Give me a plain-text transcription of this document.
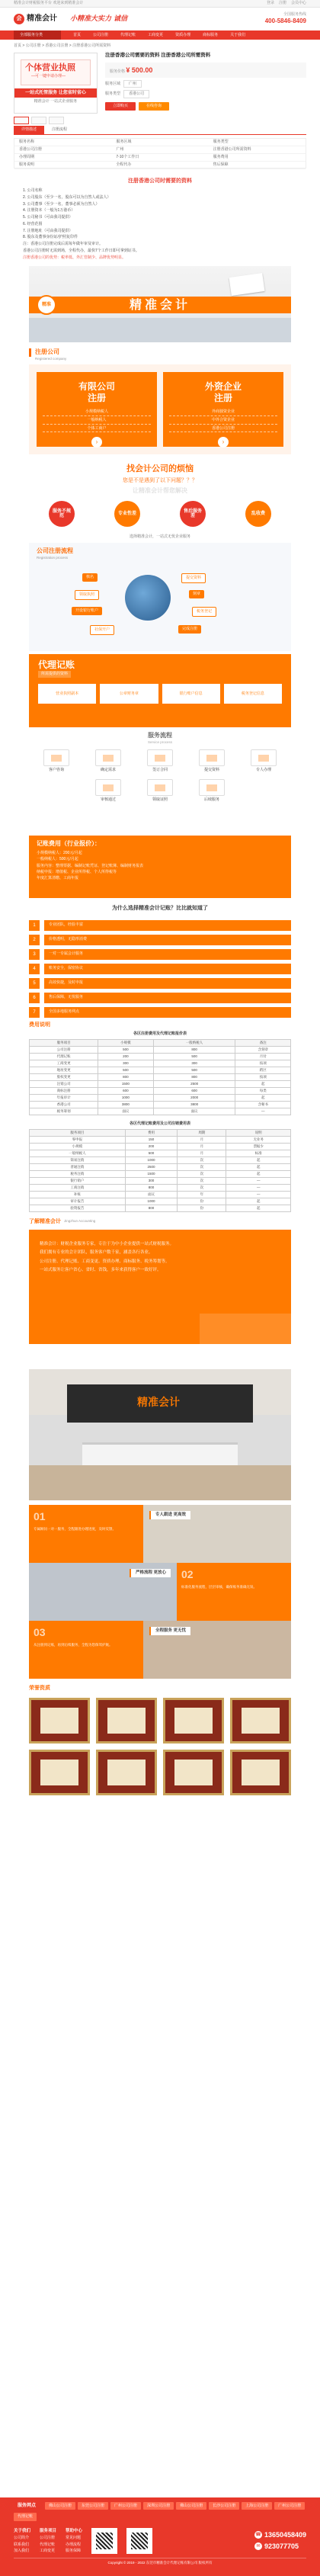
精准会计财税服务平台 欢迎来到精准会计	登录 注册 会员中心
会 精准会计 小精准大实力 诚信
全国服务热线
400-5846-8409
全部服务分类	首页	公司注册	代理记账	工商变更	资质办理	商标服务	关于我们
首页 > 公司注册 > 香港公司注册 > 注册香港公司所需资料
个体营业执照
—可一键申请办理—
一站式托管服务 让您省时省心
精准会计 一站式企业服务
注册香港公司需要的资料 注册香港公司所需资料
服务价格 ¥ 500.00
服务区域	广州
服务类型	香港公司
立即购买	在线咨询
详情描述	注册流程
服务名称	服务区域	服务类型
香港公司注册	广州	注册香港公司所需资料
办理周期	7-10个工作日	服务费用
服务说明	全程代办	售后保障
注册香港公司时需要的资料

1. 公司名称

2. 公司股东（至少一名，股东可以为自然人或法人）

3. 公司董事（至少一名，董事必须为自然人）

4. 注册资本（一般为1万港币）

5. 公司秘书（可由我司提供）

6. 经营范围

7. 注册地址（可由我司提供）

8. 股东及董事身份证/护照复印件

注：香港公司注册完成后需每年做年审及审计。

香港公司注册时无需到场，全程代办，最快7个工作日即可拿到证书。

注册香港公司的优势：税率低、外汇管制少、品牌优势明显。

精准会计
精准
注册公司
Registered company
有限公司
注册
小规模纳税人
一般纳税人
个体工商户
›
外资企业
注册
外商独资企业
中外合资企业
香港公司注册
›
找会计公司的烦恼
您是不是遇到了以下问题？？？
让精准会计帮您解决
服务不规范
专业性差
售后服务差
乱收费
选择精准会计，一站式无忧企业服务
公司注册流程
Registration process
核名	提交资料
领取执照	刻章
开设银行账户	税务登记
社保开户	完成注册
代理记账
所需提供的资料
营业执照副本	公章财务章	银行账户信息	税务登记信息
服务流程
Service process
客户咨询	确定需求	签订合同	提交资料	专人办理
审核通过	领取证照	后续服务
记账费用（行业报价）：

小规模纳税人：200元/月起

一般纳税人：500元/月起

服务内容：整理票据、编制记账凭证、登记账簿、编制财务报表

纳税申报：增值税、企业所得税、个人所得税等

年度汇算清缴、工商年报

为什么选择精准会计记账？比比就知道了
1	专业团队，经验丰富
2	价格透明，无隐形消费
3	一对一专属会计服务
4	账务安全，保密协议
5	高效快捷，及时申报
6	售后保障，无忧服务
7	全国多地服务网点
费用说明
各区注册费用及代理记账报价表
服务项目	小规模	一般纳税人	备注
公司注册	500	800	含刻章
代理记账	200	500	月付
工商变更	300	300	按项
地址变更	500	500	跨区
股权变更	800	800	按项
注销公司	1500	2500	起
商标注册	600	600	每类
年报审计	1000	2000	起
香港公司	3800	3800	含秘书
税务筹划	面议	面议	—
各区代理记账费用及公司注销费用表
服务项目	费用	周期	说明
零申报	150	月	无业务
小规模	200	月	票据少
一般纳税人	500	月	标准
简易注销	1000	次	起
普通注销	2500	次	起
税务注销	1500	次	起
银行销户	300	次	—
工商注销	800	次	—
补账	面议	年	—
审计报告	1000	份	起
验资报告	800	份	起
了解精准会计 Jingzhun Accounting

精准会计：财税企业服务专家，专注于为中小企业提供一站式财税服务。

我们拥有专业的会计团队，服务客户数千家，涵盖各行各业。

公司注册、代理记账、工商变更、资质办理、商标服务、税务筹划等。

一站式服务让客户省心、省时、省钱，多年来获得客户一致好评。

精准会计
01
专属顾问一对一服务，全程跟进办理进度，及时反馈。
专人跟进 更高效
严格流程 更放心	02
标准化服务流程，层层审核，确保账务准确无误。
03
从注册到记账，再到后续服务，全程为您保驾护航。
全程服务 更无忧
荣誉资质
服务网点	佛山公司注册	东莞公司注册	广州公司注册	深圳公司注册	佛山公司注册	长沙公司注册	上海公司注册	广州公司注册
代理记账
关于我们
公司简介
联系我们
加入我们
服务项目
公司注册
代理记账
工商变更
帮助中心
常见问题
办理流程
服务保障
☎ 13650458409
✉ 923077705
Copyright © 2019 - 2022 东莞市精准会计代理记账有限公司 版权所有
